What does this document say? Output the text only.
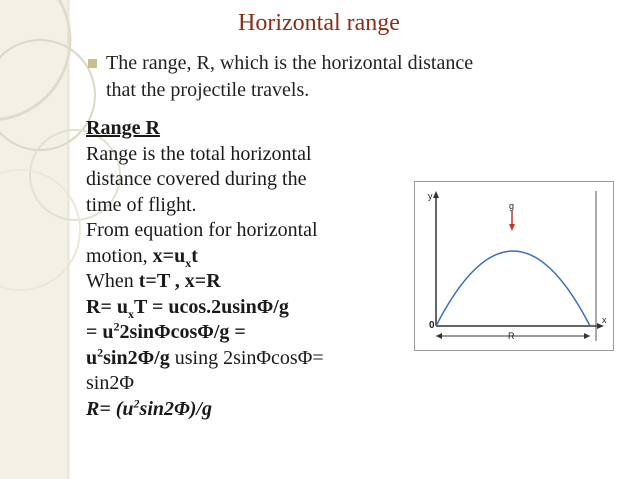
Horizontal range
The range, R, which is the horizontal distance
that the projectile travels.
Range R
Range is the total horizontal
distance covered during the
time of flight.
From equation for horizontal
motion, $x=u_xt$
When t=T , x=R
$R= u_xT = ucos.2usin\Phi/g$
= $u^22\sin\Phi\cos\Phi/g$ =
$u^2\sin 2\Phi/g$ using 2sinΦcosΦ=
sin2Φ
$R= (u^2\sin 2\Phi)/g$
y
x
0
g
R
